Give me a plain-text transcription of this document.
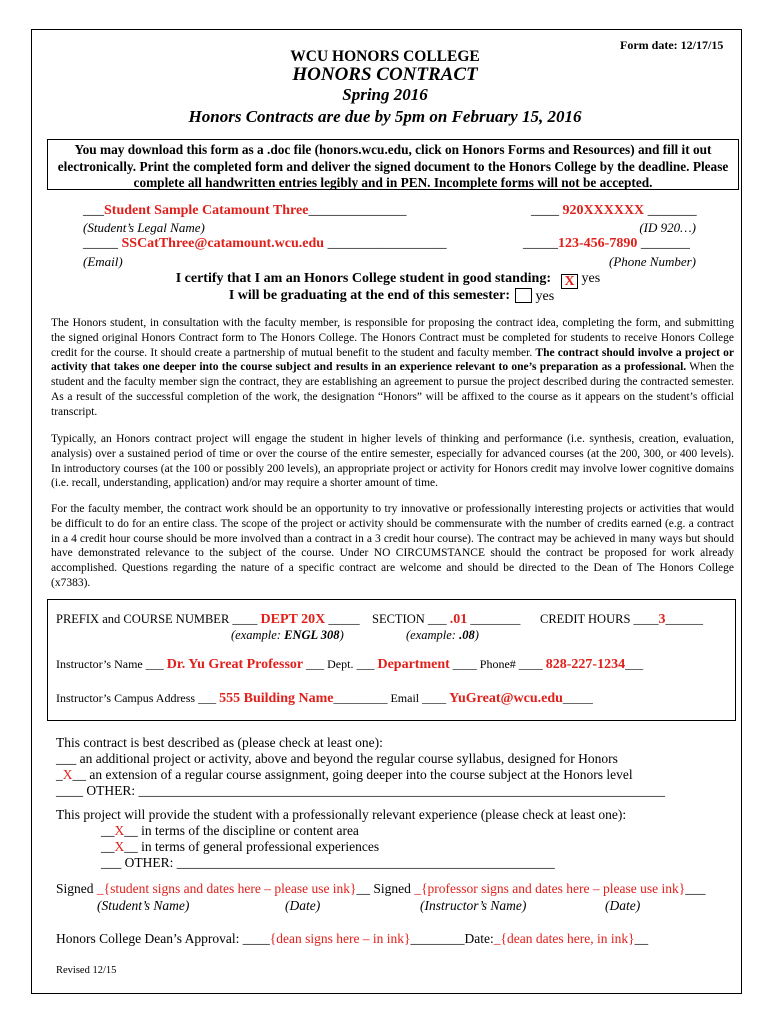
Form date: 12/17/15
WCU HONORS COLLEGE
HONORS CONTRACT
Spring 2016
Honors Contracts are due by 5pm on February 15, 2016
You may download this form as a .doc file (honors.wcu.edu, click on Honors Forms and Resources) and fill it out electronically. Print the completed form and deliver the signed document to the Honors College by the deadline. Please complete all handwritten entries legibly and in PEN. Incomplete forms will not be accepted.
___Student Sample Catamount Three______________
(Student’s Legal Name)
____ 920XXXXXX _______
(ID 920…)
_____ SSCatThree@catamount.wcu.edu _________________
(Email)
_____123-456-7890 _______
(Phone Number)
I certify that I am an Honors College student in good standing: X yes
I will be graduating at the end of this semester:	yes
The Honors student, in consultation with the faculty member, is responsible for proposing the contract idea, completing the form, and submitting the signed original Honors Contract form to The Honors College. The Honors Contract must be completed for students to receive Honors College credit for the course. It should create a partnership of mutual benefit to the student and faculty member. The contract should involve a project or activity that takes one deeper into the course subject and results in an experience relevant to one’s preparation as a professional. When the student and the faculty member sign the contract, they are establishing an agreement to pursue the project described during the contracted semester. As a result of the successful completion of the work, the designation “Honors” will be affixed to the course as it appears on the student’s official transcript.
Typically, an Honors contract project will engage the student in higher levels of thinking and performance (i.e. synthesis, creation, evaluation, analysis) over a sustained period of time or over the course of the entire semester, especially for advanced courses (at the 200, 300, or 400 levels). In introductory courses (at the 100 or possibly 200 levels), an appropriate project or activity for Honors credit may involve lower cognitive domains (i.e. recall, understanding, application) and/or may require a shorter amount of time.
For the faculty member, the contract work should be an opportunity to try innovative or professionally interesting projects or activities that would be difficult to do for an entire class. The scope of the project or activity should be commensurate with the number of credits earned (e.g. a contract in a 4 credit hour course should be more involved than a contract in a 3 credit hour course). The contract may be achieved in many ways but should have demonstrated relevance to the subject of the course. Under NO CIRCUMSTANCE should the contract be proposed for work already accomplished. Questions regarding the nature of a specific contract are welcome and should be directed to the Dean of The Honors College (x7383).
PREFIX and COURSE NUMBER ____ DEPT 20X _____
(example: ENGL 308)
SECTION ___ .01 ________
(example: .08)
CREDIT HOURS ____3______
Instructor’s Name ___ Dr. Yu Great Professor ___ Dept. ___ Department ____ Phone# ____ 828-227-1234___
Instructor’s Campus Address ___ 555 Building Name_________ Email ____ YuGreat@wcu.edu_____
This contract is best described as (please check at least one):
___ an additional project or activity, above and beyond the regular course syllabus, designed for Honors
_X__ an extension of a regular course assignment, going deeper into the course subject at the Honors level
____ OTHER: ______________________________________________________________________________
This project will provide the student with a professionally relevant experience (please check at least one):
__X__ in terms of the discipline or content area
__X__ in terms of general professional experiences
___ OTHER: ________________________________________________________
Signed _{student signs and dates here – please use ink}__ Signed _{professor signs and dates here – please use ink}___
(Student’s Name)	(Date)	(Instructor’s Name)	(Date)
Honors College Dean’s Approval: ____{dean signs here – in ink}________Date:_{dean dates here, in ink}__
Revised 12/15
